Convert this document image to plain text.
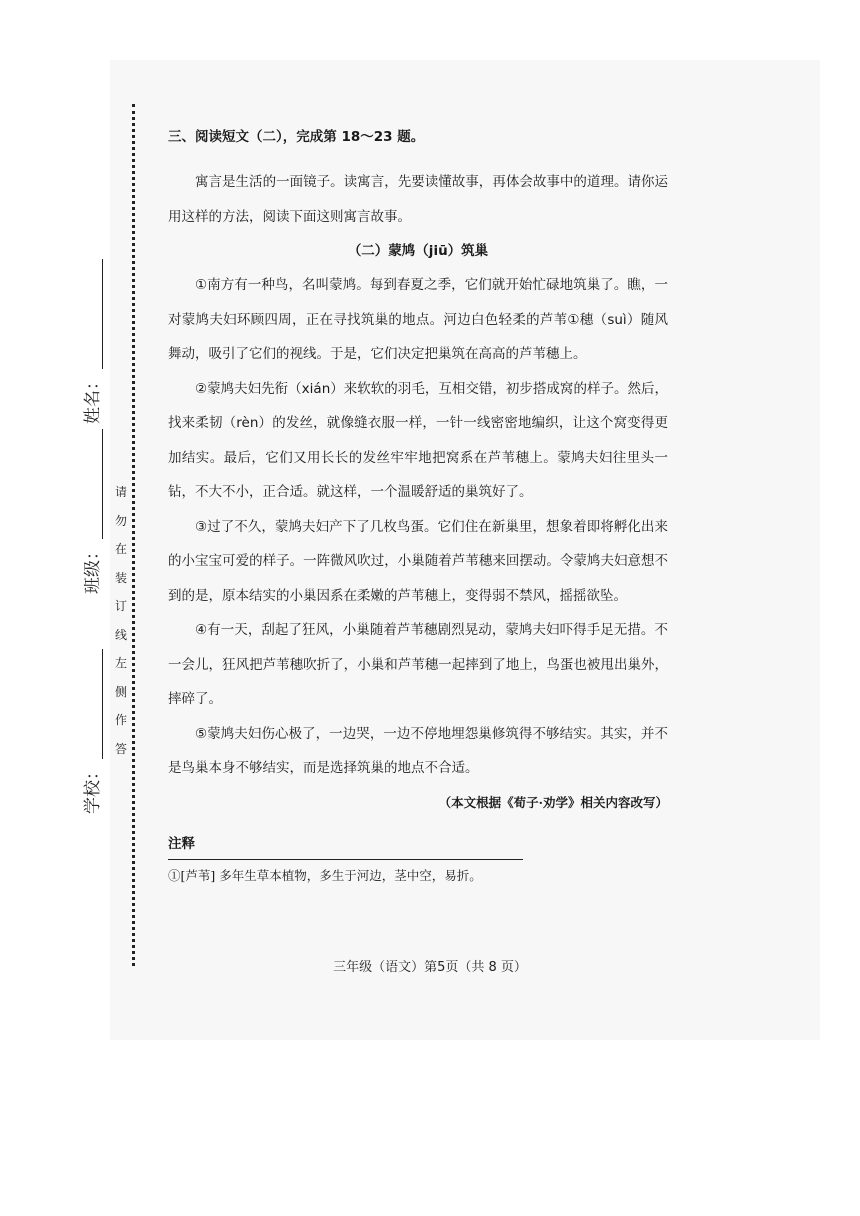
姓名：
班级：
学校：
请勿在装订线左侧作答

三、阅读短文（二），完成第 18～23 题。

寓言是生活的一面镜子。读寓言，先要读懂故事，再体会故事中的道理。请你运用这样的方法，阅读下面这则寓言故事。

（二）蒙鸠（jiū）筑巢

①南方有一种鸟，名叫蒙鸠。每到春夏之季，它们就开始忙碌地筑巢了。瞧，一对蒙鸠夫妇环顾四周，正在寻找筑巢的地点。河边白色轻柔的芦苇①穗（suì）随风舞动，吸引了它们的视线。于是，它们决定把巢筑在高高的芦苇穗上。

②蒙鸠夫妇先衔（xián）来软软的羽毛，互相交错，初步搭成窝的样子。然后，找来柔韧（rèn）的发丝，就像缝衣服一样，一针一线密密地编织，让这个窝变得更加结实。最后，它们又用长长的发丝牢牢地把窝系在芦苇穗上。蒙鸠夫妇往里头一钻，不大不小，正合适。就这样，一个温暖舒适的巢筑好了。

③过了不久，蒙鸠夫妇产下了几枚鸟蛋。它们住在新巢里，想象着即将孵化出来的小宝宝可爱的样子。一阵微风吹过，小巢随着芦苇穗来回摆动。令蒙鸠夫妇意想不到的是，原本结实的小巢因系在柔嫩的芦苇穗上，变得弱不禁风，摇摇欲坠。

④有一天，刮起了狂风，小巢随着芦苇穗剧烈晃动，蒙鸠夫妇吓得手足无措。不一会儿，狂风把芦苇穗吹折了，小巢和芦苇穗一起摔到了地上，鸟蛋也被甩出巢外，摔碎了。

⑤蒙鸠夫妇伤心极了，一边哭，一边不停地埋怨巢修筑得不够结实。其实，并不是鸟巢本身不够结实，而是选择筑巢的地点不合适。

（本文根据《荀子·劝学》相关内容改写）

注释

①[芦苇] 多年生草本植物，多生于河边，茎中空，易折。

三年级（语文）第5页（共 8 页）
